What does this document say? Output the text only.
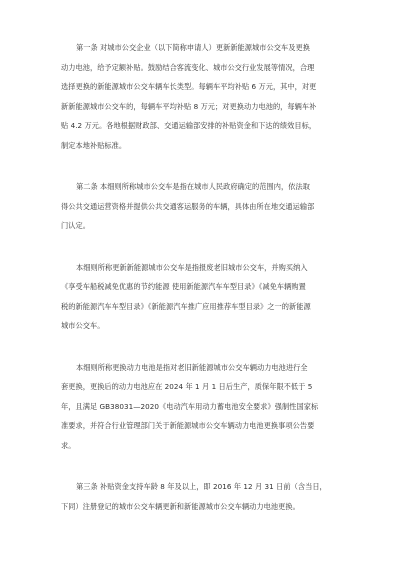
第一条 对城市公交企业（以下简称申请人）更新新能源城市公交车及更换
动力电池，给予定额补贴。鼓励结合客流变化、城市公交行业发展等情况，合理
选择更换的新能源城市公交车辆车长类型。每辆车平均补贴 6 万元，其中，对更
新新能源城市公交车的，每辆车平均补贴 8 万元；对更换动力电池的，每辆车补
贴 4.2 万元。各地根据财政部、交通运输部安排的补贴资金和下达的绩效目标，
制定本地补贴标准。
第二条 本细则所称城市公交车是指在城市人民政府确定的范围内，依法取
得公共交通运营资格并提供公共交通客运服务的车辆，具体由所在地交通运输部
门认定。
本细则所称更新新能源城市公交车是指报废老旧城市公交车，并购买纳入
《享受车船税减免优惠的节约能源 使用新能源汽车车型目录》《减免车辆购置
税的新能源汽车车型目录》《新能源汽车推广应用推荐车型目录》之一的新能源
城市公交车。
本细则所称更换动力电池是指对老旧新能源城市公交车辆动力电池进行全
套更换，更换后的动力电池应在 2024 年 1 月 1 日后生产，质保年限不低于 5
年，且满足 GB38031—2020《电动汽车用动力蓄电池安全要求》强制性国家标
准要求，并符合行业管理部门关于新能源城市公交车辆动力电池更换事项公告要
求。
第三条 补贴资金支持车龄 8 年及以上，即 2016 年 12 月 31 日前（含当日，
下同）注册登记的城市公交车辆更新和新能源城市公交车辆动力电池更换。
